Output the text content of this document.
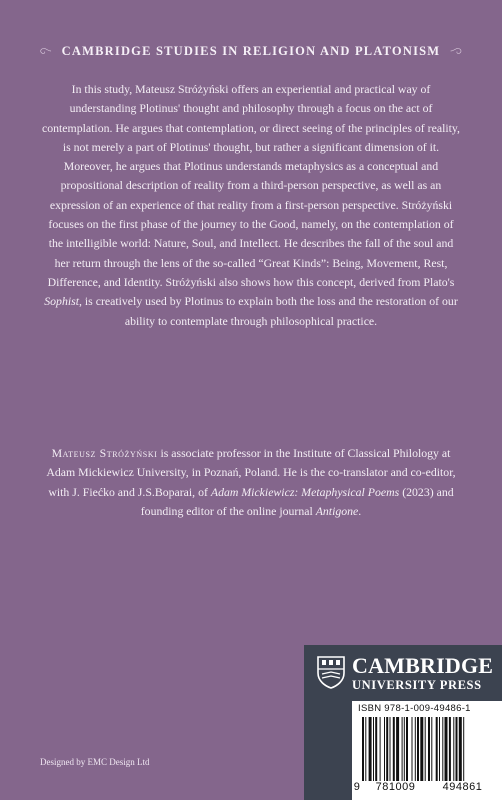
CAMBRIDGE STUDIES IN RELIGION AND PLATONISM

In this study, Mateusz Stróżyński offers an experiential and practical way of understanding Plotinus' thought and philosophy through a focus on the act of contemplation. He argues that contemplation, or direct seeing of the principles of reality, is not merely a part of Plotinus' thought, but rather a significant dimension of it. Moreover, he argues that Plotinus understands metaphysics as a conceptual and propositional description of reality from a third-person perspective, as well as an expression of an experience of that reality from a first-person perspective. Stróżyński focuses on the first phase of the journey to the Good, namely, on the contemplation of the intelligible world: Nature, Soul, and Intellect. He describes the fall of the soul and her return through the lens of the so-called “Great Kinds”: Being, Movement, Rest, Difference, and Identity. Stróżyński also shows how this concept, derived from Plato's Sophist, is creatively used by Plotinus to explain both the loss and the restoration of our ability to contemplate through philosophical practice.

Mateusz Stróżyński is associate professor in the Institute of Classical Philology at Adam Mickiewicz University, in Poznań, Poland. He is the co-translator and co-editor, with J. Fiećko and J.S.Boparai, of Adam Mickiewicz: Metaphysical Poems (2023) and founding editor of the online journal Antigone.

Designed by EMC Design Ltd
CAMBRIDGE
UNIVERSITY PRESS
ISBN 978-1-009-49486-1
9	781009	494861
